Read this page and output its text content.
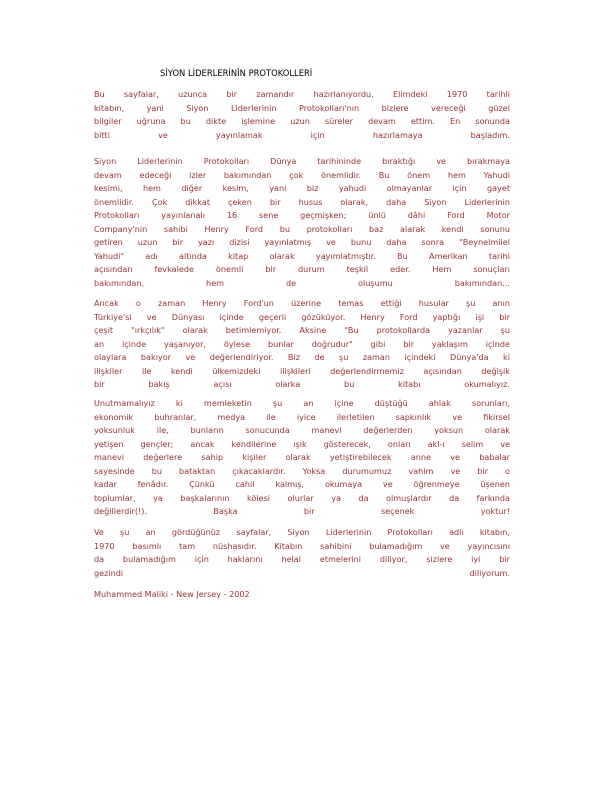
SİYON LİDERLERİNİN PROTOKOLLERİ
Bu sayfalar, uzunca bir zamandır hazırlanıyordu. Elimdeki 1970 tarihli
kitabın, yani Siyon Liderlerinin Protokolları'nın bizlere vereceği güzel
bilgiler uğruna bu dikte işlemine uzun süreler devam ettim. En sonunda
bitti ve yayınlamak için hazırlamaya başladım.
Siyon Liderlerinin Protokolları Dünya tarihininde bıraktığı ve bırakmaya
devam edeceği izler bakımından çok önemlidir. Bu önem hem Yahudi
kesimi, hem diğer kesim, yani biz yahudi olmayanlar için gayet
önemlidir. Çok dikkat çeken bir husus olarak, daha Siyon Liderlerinin
Protokolları yayınlanalı 16 sene geçmişken; ünlü dâhi Ford Motor
Company'nin sahibi Henry Ford bu protokolları baz alarak kendi sonunu
getiren uzun bir yazı dizisi yayınlatmış ve bunu daha sonra "Beynelmilel
Yahudi" adı altında kitap olarak yayımlatmıştır. Bu Amerikan tarihi
açısından fevkalede önemli bir durum teşkil eder. Hem sonuçları
bakımından, hem de oluşumu bakımından...
Ancak o zaman Henry Ford'un üzerine temas ettiği husular şu anın
Türkiye'si ve Dünyası içinde geçerli gözüküyor. Henry Ford yaptığı işi bir
çeşit "ırkçılık" olarak betimlemiyor. Aksine "Bu protokollarda yazanlar şu
an içinde yaşanıyor, öylese bunlar doğrudur" gibi bir yaklaşım içinde
olaylara bakıyor ve değerlendiriyor. Biz de şu zaman içindeki Dünya'da ki
ilişkiler ile kendi ülkemizdeki ilişkileri değerlendirmemiz açısından değişik
bir bakış açısı olarka bu kitabı okumalıyız.
Unutmamalıyız ki memleketin şu an içine düştüğü ahlak sorunları,
ekonomik buhranlar, medya ile iyice ilerletilen sapkınlık ve fikirsel
yoksunluk ile, bunların sonucunda manevi değerlerden yoksun olarak
yetişen gençler; ancak kendilerine ışık gösterecek, onları akl-ı selim ve
manevi değerlere sahip kişiler olarak yetiştirebilecek anne ve babalar
sayesinde bu bataktan çıkacaklardır. Yoksa durumumuz vahim ve bir o
kadar fenâdır. Çünkü cahil kalmış, okumaya ve öğrenmeye üşenen
toplumlar, ya başkalarının kölesi olurlar ya da olmuşlardır da farkında
değillerdir(!). Başka bir seçenek yoktur!
Ve şu an gördüğünüz sayfalar, Siyon Liderlerinin Protokolları adlı kitabın,
1970 basımlı tam nüshasıdır. Kitabın sahibini bulamadığım ve yayıncısını
da bulamadığım için haklarını helal etmelerini diliyor, sizlere iyi bir
gezindi diliyorum.
Muhammed Maliki - New Jersey - 2002
